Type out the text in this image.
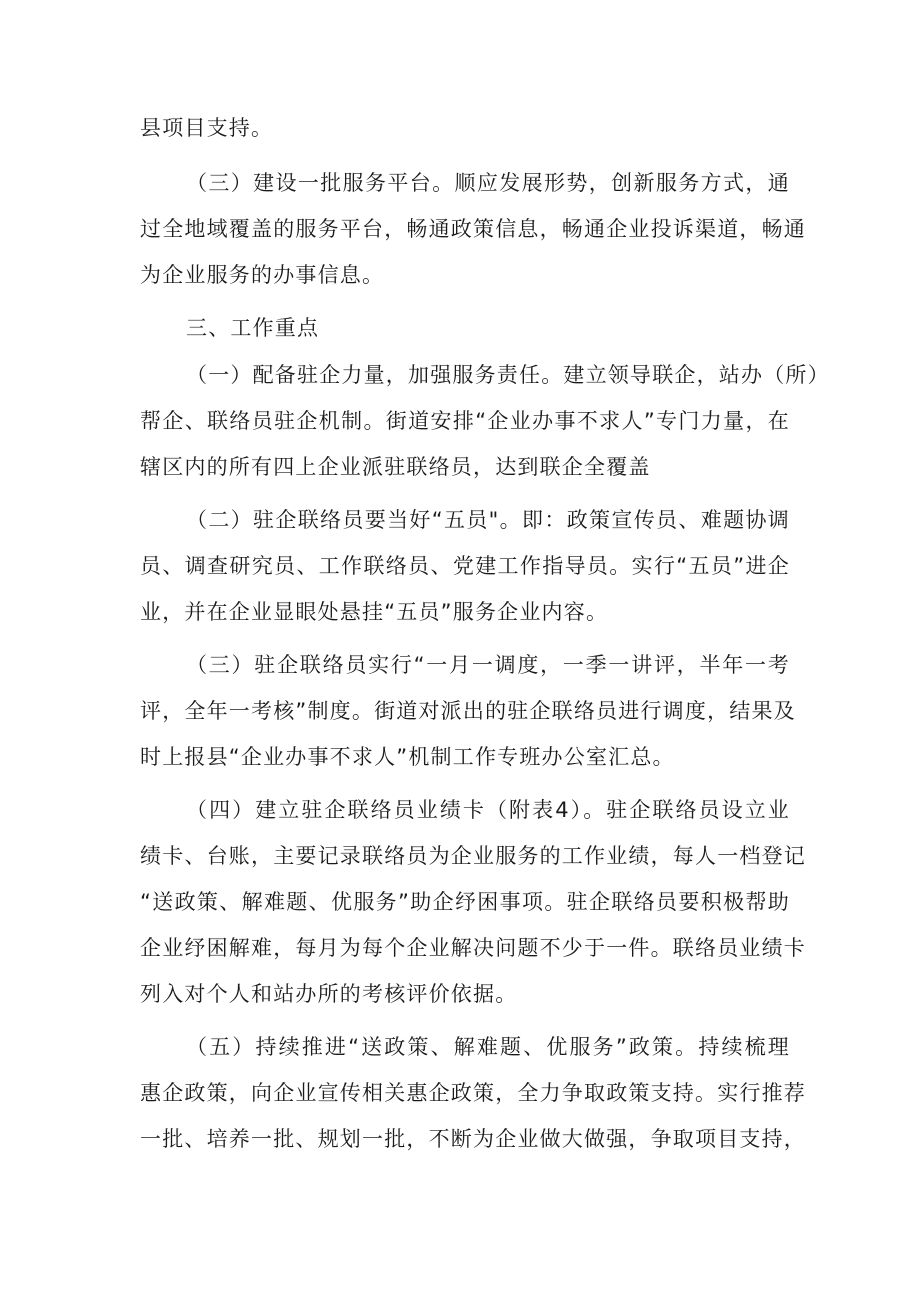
县项目支持。
（三）建设一批服务平台。顺应发展形势，创新服务方式，通
过全地域覆盖的服务平台，畅通政策信息，畅通企业投诉渠道，畅通
为企业服务的办事信息。
三、工作重点
（一）配备驻企力量，加强服务责任。建立领导联企，站办（所）
帮企、联络员驻企机制。街道安排“企业办事不求人”专门力量，在
辖区内的所有四上企业派驻联络员，达到联企全覆盖
（二）驻企联络员要当好“五员"。即：政策宣传员、难题协调
员、调查研究员、工作联络员、党建工作指导员。实行“五员”进企
业，并在企业显眼处悬挂“五员”服务企业内容。
（三）驻企联络员实行“一月一调度，一季一讲评，半年一考
评，全年一考核”制度。街道对派出的驻企联络员进行调度，结果及
时上报县“企业办事不求人”机制工作专班办公室汇总。
（四）建立驻企联络员业绩卡（附表4）。驻企联络员设立业
绩卡、台账，主要记录联络员为企业服务的工作业绩，每人一档登记
“送政策、解难题、优服务”助企纾困事项。驻企联络员要积极帮助
企业纾困解难，每月为每个企业解决问题不少于一件。联络员业绩卡
列入对个人和站办所的考核评价依据。
（五）持续推进“送政策、解难题、优服务”政策。持续梳理
惠企政策，向企业宣传相关惠企政策，全力争取政策支持。实行推荐
一批、培养一批、规划一批，不断为企业做大做强，争取项目支持，
